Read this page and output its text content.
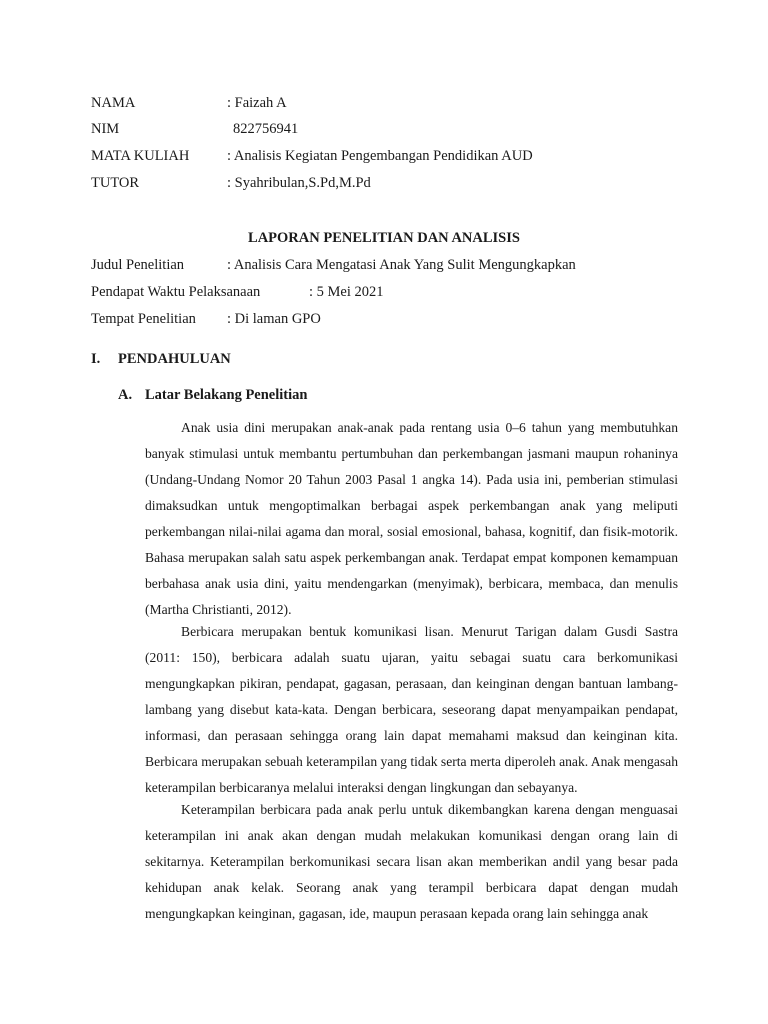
NAMA	: Faizah A
NIM	822756941
MATA KULIAH	: Analisis Kegiatan Pengembangan Pendidikan AUD
TUTOR	: Syahribulan,S.Pd,M.Pd
LAPORAN PENELITIAN DAN ANALISIS
Judul Penelitian	: Analisis Cara Mengatasi Anak Yang Sulit Mengungkapkan
Pendapat Waktu Pelaksanaan	: 5 Mei 2021
Tempat Penelitian : Di laman GPO
I. PENDAHULUAN
A. Latar Belakang Penelitian

Anak usia dini merupakan anak-anak pada rentang usia 0–6 tahun yang membutuhkan banyak stimulasi untuk membantu pertumbuhan dan perkembangan jasmani maupun rohaninya (Undang-Undang Nomor 20 Tahun 2003 Pasal 1 angka 14). Pada usia ini, pemberian stimulasi dimaksudkan untuk mengoptimalkan berbagai aspek perkembangan anak yang meliputi perkembangan nilai-nilai agama dan moral, sosial emosional, bahasa, kognitif, dan fisik-motorik. Bahasa merupakan salah satu aspek perkembangan anak. Terdapat empat komponen kemampuan berbahasa anak usia dini, yaitu mendengarkan (menyimak), berbicara, membaca, dan menulis (Martha Christianti, 2012).

Berbicara merupakan bentuk komunikasi lisan. Menurut Tarigan dalam Gusdi Sastra (2011: 150), berbicara adalah suatu ujaran, yaitu sebagai suatu cara berkomunikasi mengungkapkan pikiran, pendapat, gagasan, perasaan, dan keinginan dengan bantuan lambang-lambang yang disebut kata-kata. Dengan berbicara, seseorang dapat menyampaikan pendapat, informasi, dan perasaan sehingga orang lain dapat memahami maksud dan keinginan kita. Berbicara merupakan sebuah keterampilan yang tidak serta merta diperoleh anak. Anak mengasah keterampilan berbicaranya melalui interaksi dengan lingkungan dan sebayanya.

Keterampilan berbicara pada anak perlu untuk dikembangkan karena dengan menguasai keterampilan ini anak akan dengan mudah melakukan komunikasi dengan orang lain di sekitarnya. Keterampilan berkomunikasi secara lisan akan memberikan andil yang besar pada kehidupan anak kelak. Seorang anak yang terampil berbicara dapat dengan mudah mengungkapkan keinginan, gagasan, ide, maupun perasaan kepada orang lain sehingga anak
